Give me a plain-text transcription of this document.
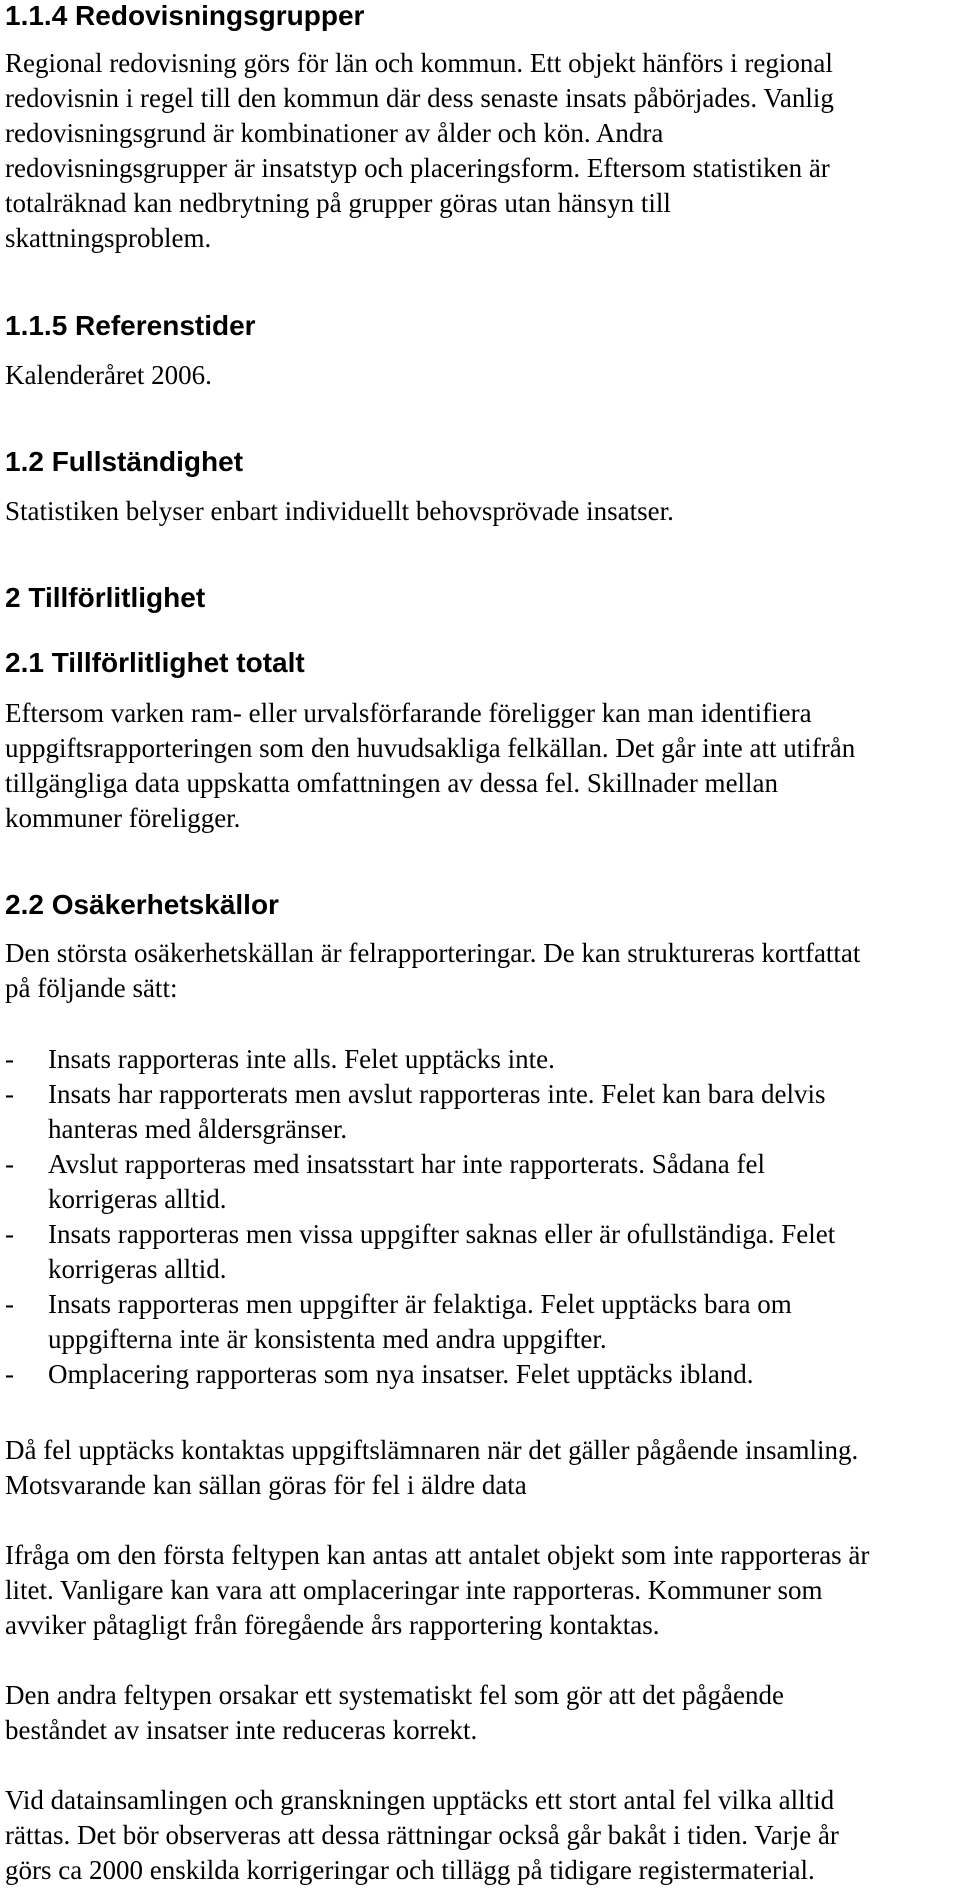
1.1.4 Redovisningsgrupper

Regional redovisning görs för län och kommun. Ett objekt hänförs i regional

redovisnin i regel till den kommun där dess senaste insats påbörjades. Vanlig

redovisningsgrund är kombinationer av ålder och kön. Andra

redovisningsgrupper är insatstyp och placeringsform. Eftersom statistiken är

totalräknad kan nedbrytning på grupper göras utan hänsyn till

skattningsproblem.

1.1.5 Referenstider

Kalenderåret 2006.

1.2 Fullständighet

Statistiken belyser enbart individuellt behovsprövade insatser.

2 Tillförlitlighet
2.1 Tillförlitlighet totalt

Eftersom varken ram- eller urvalsförfarande föreligger kan man identifiera

uppgiftsrapporteringen som den huvudsakliga felkällan. Det går inte att utifrån

tillgängliga data uppskatta omfattningen av dessa fel. Skillnader mellan

kommuner föreligger.

2.2 Osäkerhetskällor

Den största osäkerhetskällan är felrapporteringar. De kan struktureras kortfattat

på följande sätt:

-	Insats rapporteras inte alls. Felet upptäcks inte.
-	Insats har rapporterats men avslut rapporteras inte. Felet kan bara delvis
hanteras med åldersgränser.
-	Avslut rapporteras med insatsstart har inte rapporterats. Sådana fel
korrigeras alltid.
-	Insats rapporteras men vissa uppgifter saknas eller är ofullständiga. Felet
korrigeras alltid.
-	Insats rapporteras men uppgifter är felaktiga. Felet upptäcks bara om
uppgifterna inte är konsistenta med andra uppgifter.
-	Omplacering rapporteras som nya insatser. Felet upptäcks ibland.

Då fel upptäcks kontaktas uppgiftslämnaren när det gäller pågående insamling.

Motsvarande kan sällan göras för fel i äldre data

Ifråga om den första feltypen kan antas att antalet objekt som inte rapporteras är

litet. Vanligare kan vara att omplaceringar inte rapporteras. Kommuner som

avviker påtagligt från föregående års rapportering kontaktas.

Den andra feltypen orsakar ett systematiskt fel som gör att det pågående

beståndet av insatser inte reduceras korrekt.

Vid datainsamlingen och granskningen upptäcks ett stort antal fel vilka alltid

rättas. Det bör observeras att dessa rättningar också går bakåt i tiden. Varje år

görs ca 2000 enskilda korrigeringar och tillägg på tidigare registermaterial.
